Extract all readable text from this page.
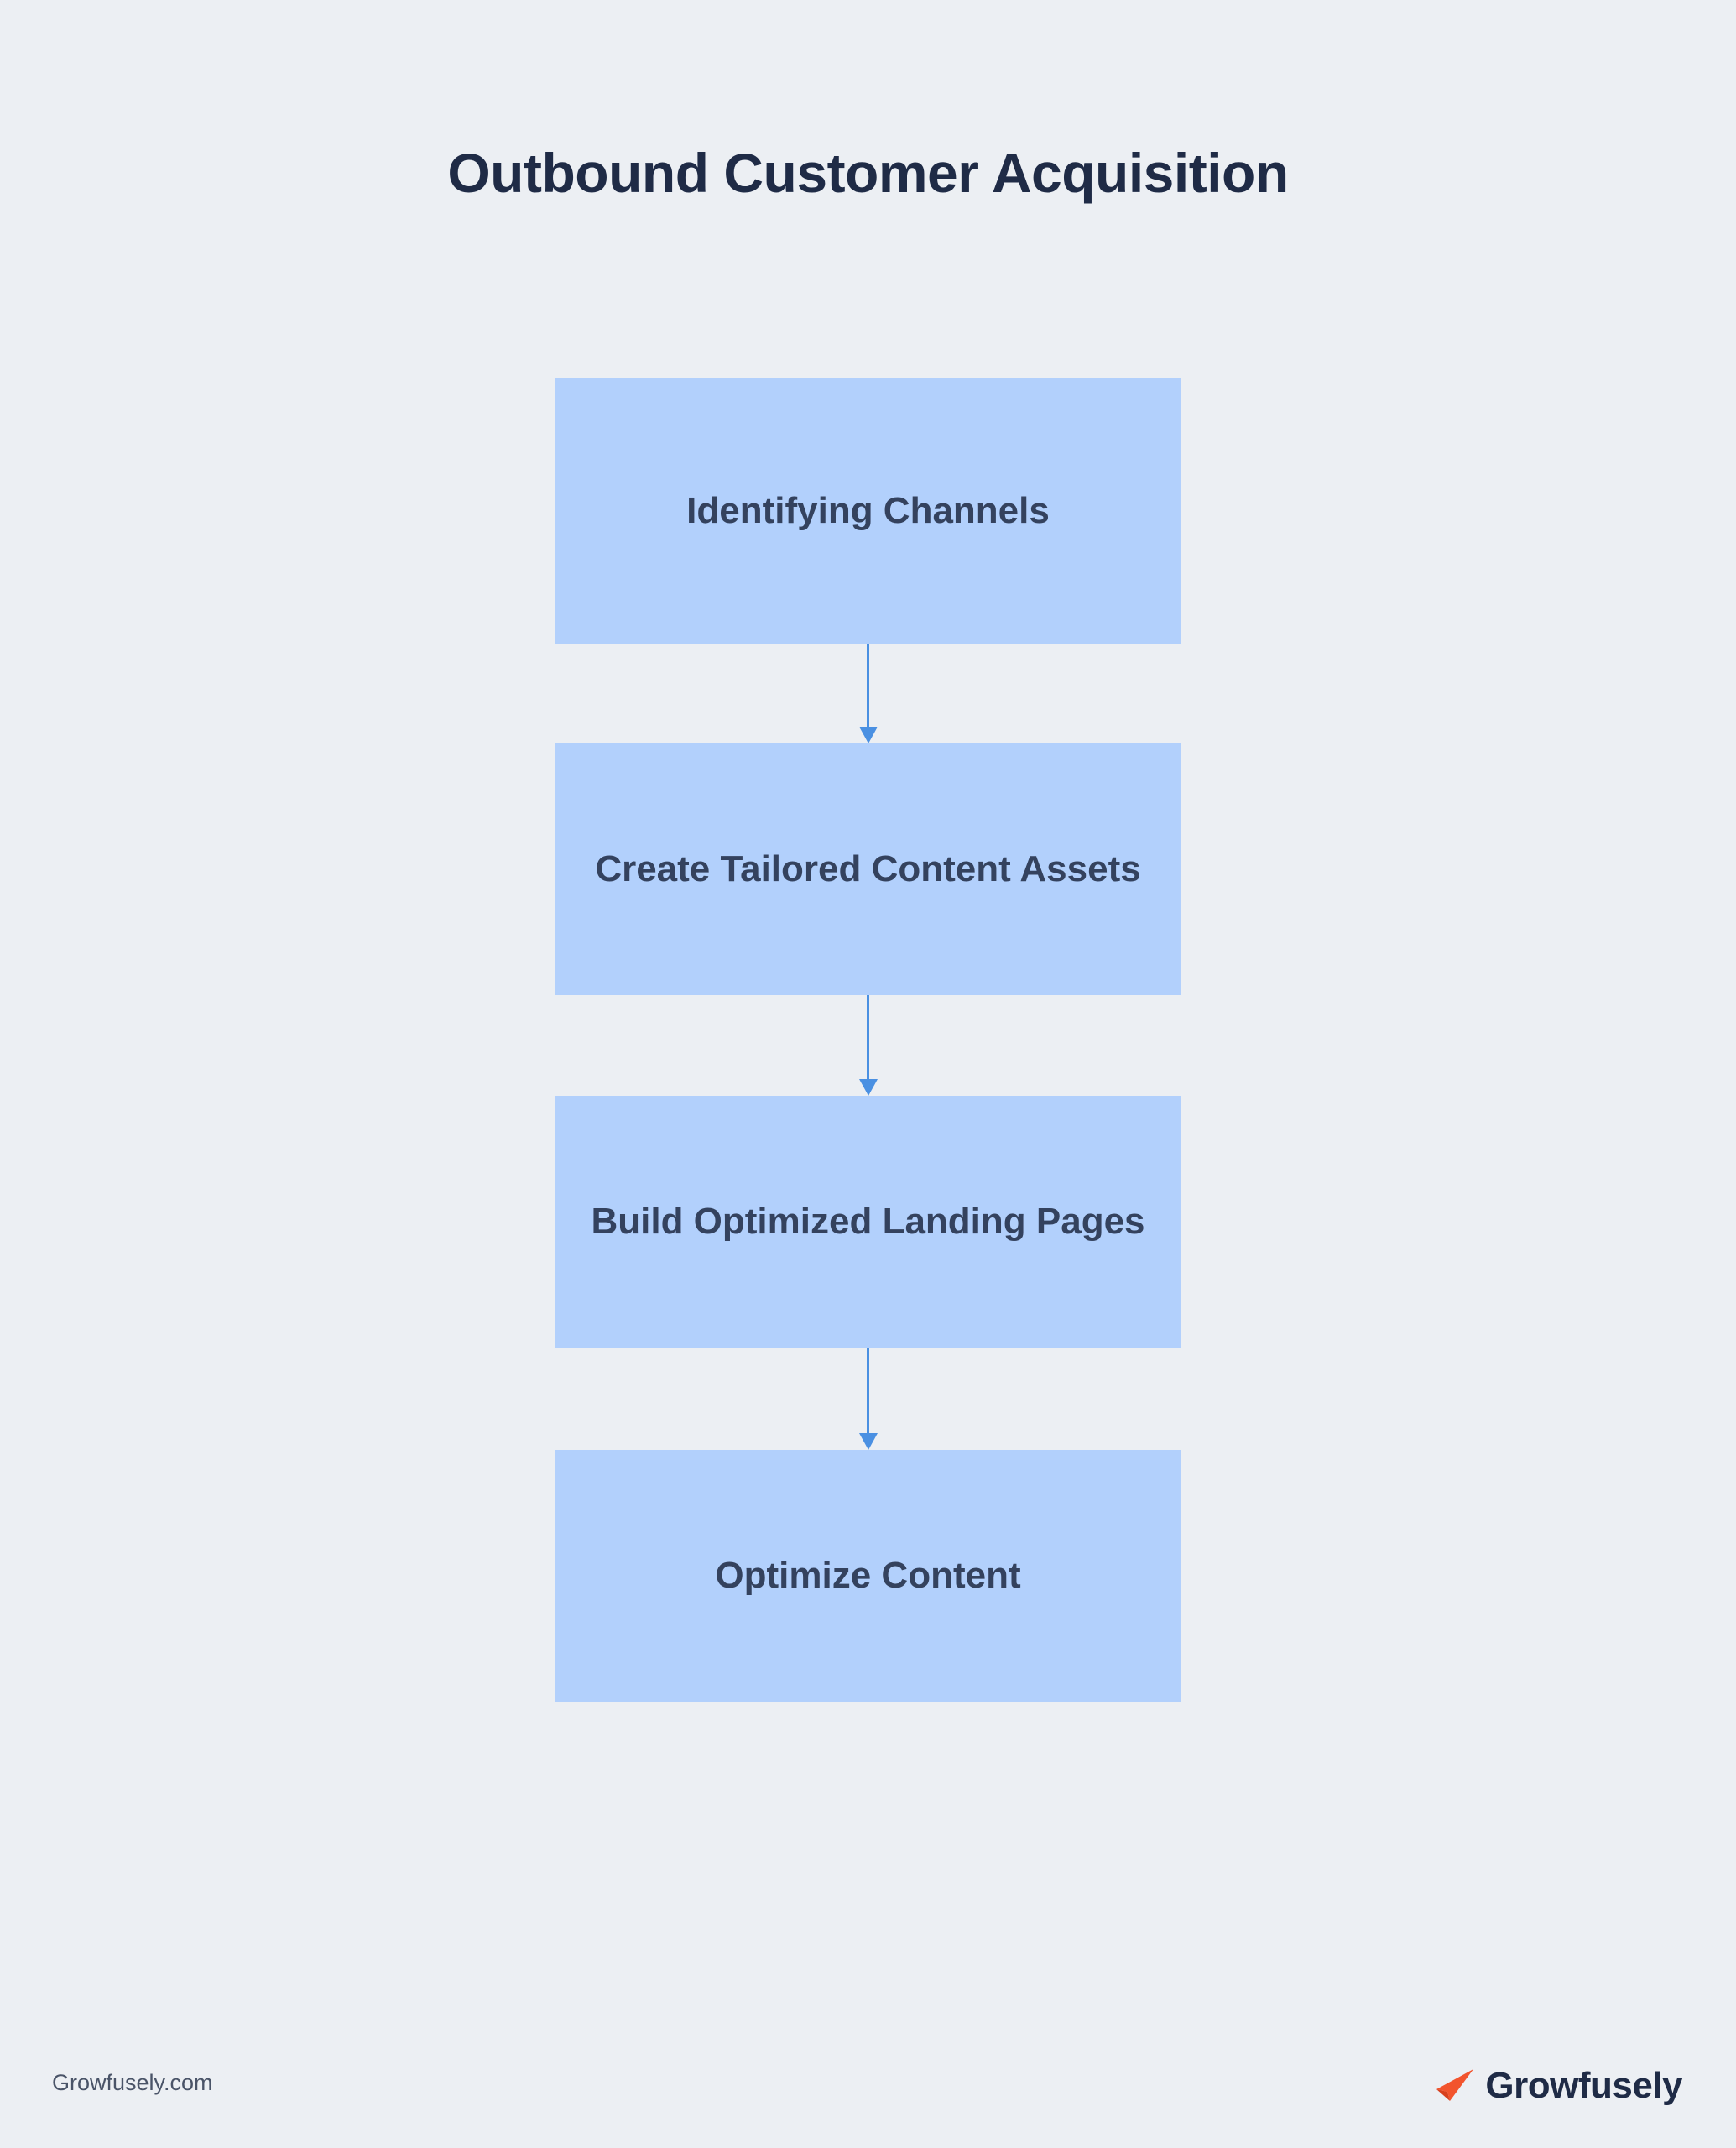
Outbound Customer Acquisition
Identifying Channels
Create Tailored Content Assets
Build Optimized Landing Pages
Optimize Content
Growfusely.com	Growfusely
